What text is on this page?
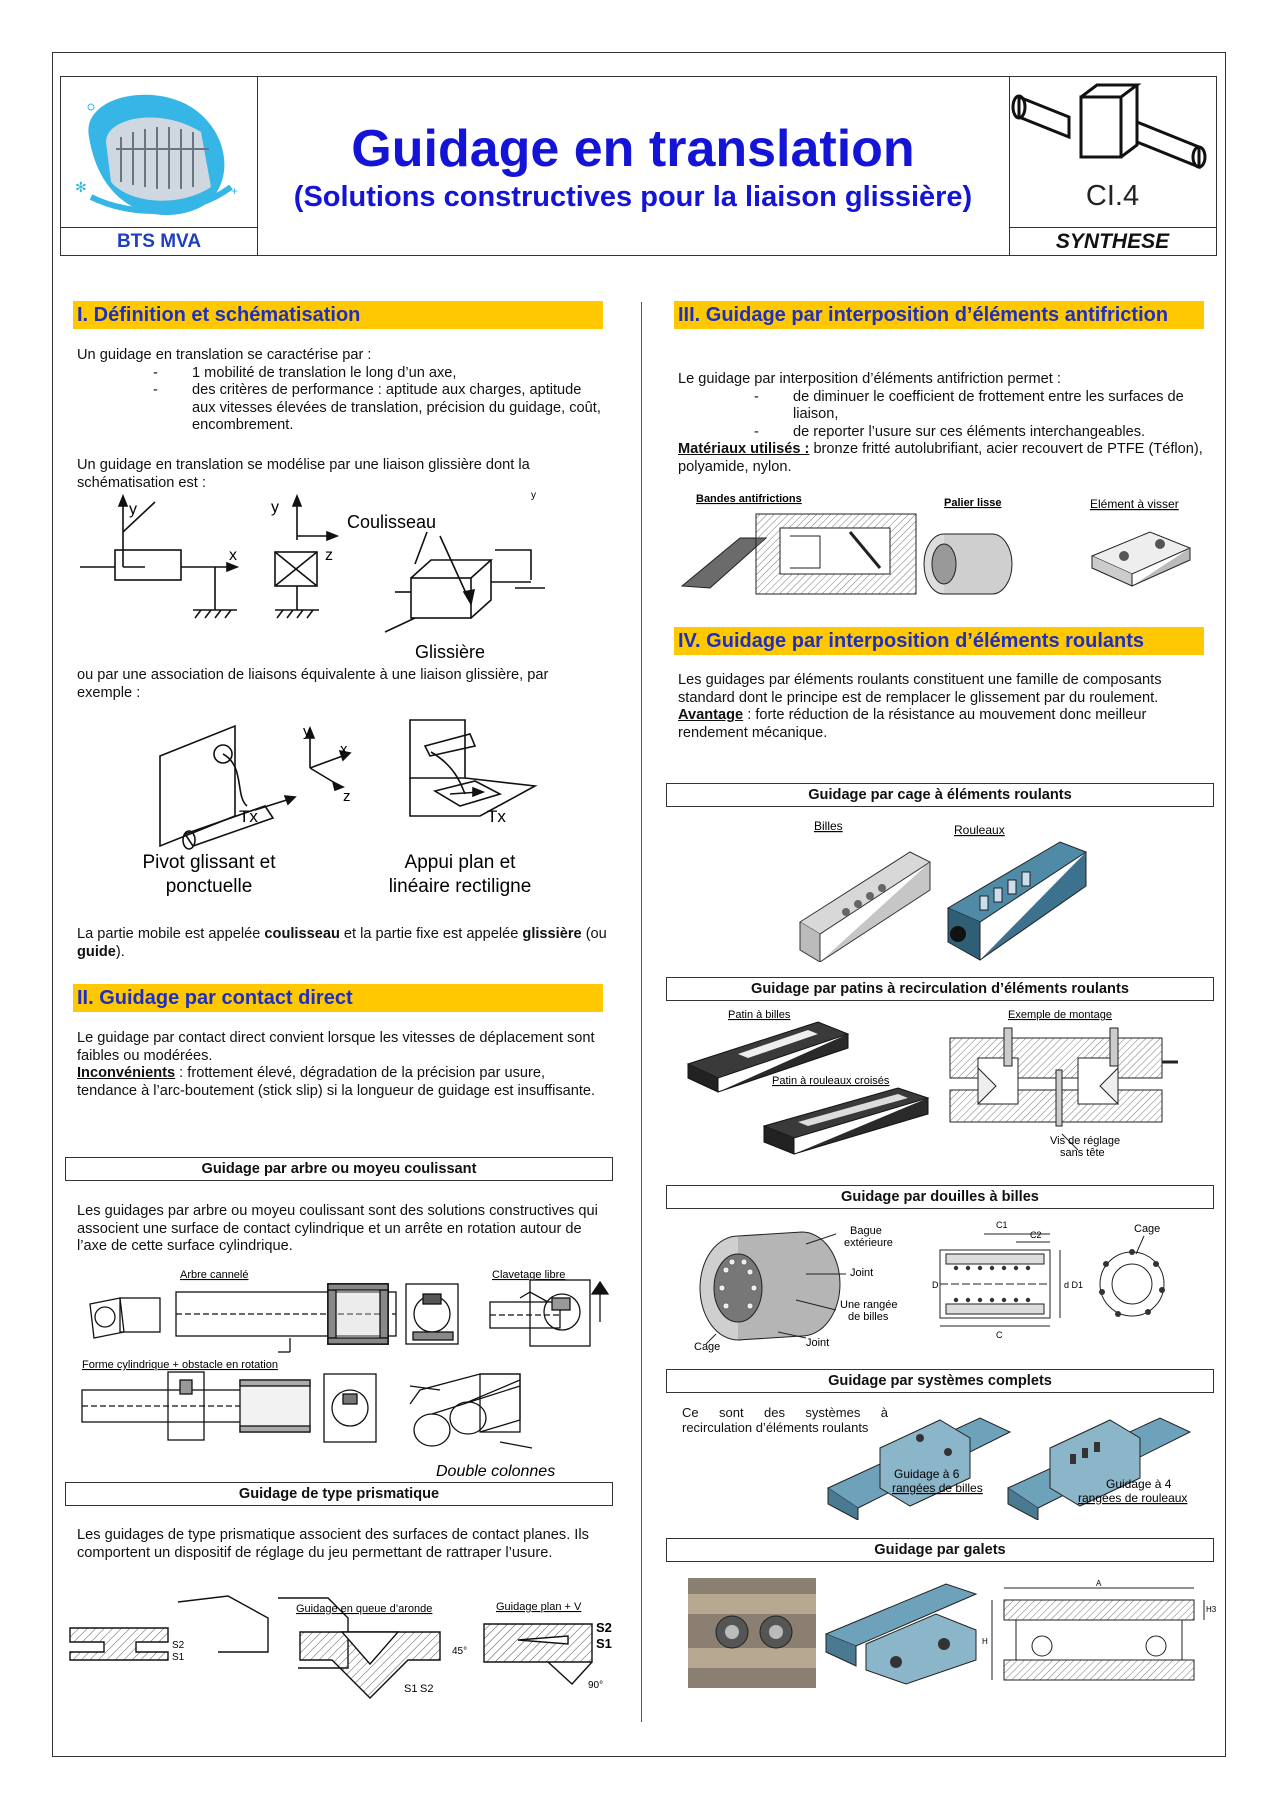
✻	+
BTS MVA
Guidage en translation
(Solutions constructives pour la liaison glissière)	CI.4
SYNTHESE
I. Définition et schématisation

Un guidage en translation se caractérise par :

- 1 mobilité de translation le long d’un axe,

- des critères de performance : aptitude aux charges, aptitude aux vitesses élevées de translation, précision du guidage, coût, encombrement.

Un guidage en translation se modélise par une liaison glissière dont la schématisation est :
y
x
y
z
y
Coulisseau
Glissière
ou par une association de liaisons équivalente à une liaison glissière, par exemple :
Tx
y
x
z
Tx
Pivot glissant et
ponctuelle
Appui plan et
linéaire rectiligne
La partie mobile est appelée coulisseau et la partie fixe est appelée glissière (ou guide).
II. Guidage par contact direct

Le guidage par contact direct convient lorsque les vitesses de déplacement sont faibles ou modérées.

Inconvénients : frottement élevé, dégradation de la précision par usure, tendance à l’arc-boutement (stick slip) si la longueur de guidage est insuffisante.

Guidage par arbre ou moyeu coulissant
Les guidages par arbre ou moyeu coulissant sont des solutions constructives qui associent une surface de contact cylindrique et un arrête en rotation autour de l’axe de cette surface cylindrique.
Arbre cannelé	Clavetage libre
Forme cylindrique + obstacle en rotation
Double colonnes
Guidage de type prismatique
Les guidages de type prismatique associent des surfaces de contact planes. Ils comportent un dispositif de réglage du jeu permettant de rattraper l’usure.
S2
S1
S1 S2
45°
S2
S1
90°
Guidage en queue d’aronde	Guidage plan + V
III. Guidage par interposition d’éléments antifriction

Le guidage par interposition d’éléments antifriction permet :

- de diminuer le coefficient de frottement entre les surfaces de liaison,

- de reporter l’usure sur ces éléments interchangeables.

Matériaux utilisés : bronze fritté autolubrifiant, acier recouvert de PTFE (Téflon), polyamide, nylon.

Bandes antifrictions	Palier lisse	Elément à visser
IV. Guidage par interposition d’éléments roulants

Les guidages par éléments roulants constituent une famille de composants standard dont le principe est de remplacer le glissement par du roulement.

Avantage : forte réduction de la résistance au mouvement donc meilleur rendement mécanique.

Guidage par cage à éléments roulants
Billes	Rouleaux
Guidage par patins à recirculation d’éléments roulants
Patin à billes
Patin à rouleaux croisés
Exemple de montage
Vis de réglage
sans tête
Guidage par douilles à billes
C1
C2
D	d D1
C
Bague
extérieure
Joint
Une rangée
de billes
Joint
Cage
Cage
Guidage par systèmes complets
Ce sont des systèmes à recirculation d’éléments roulants
Guidage à 6
rangées de billes	Guidage à 4
rangées de rouleaux
Guidage par galets
A
H3
H
